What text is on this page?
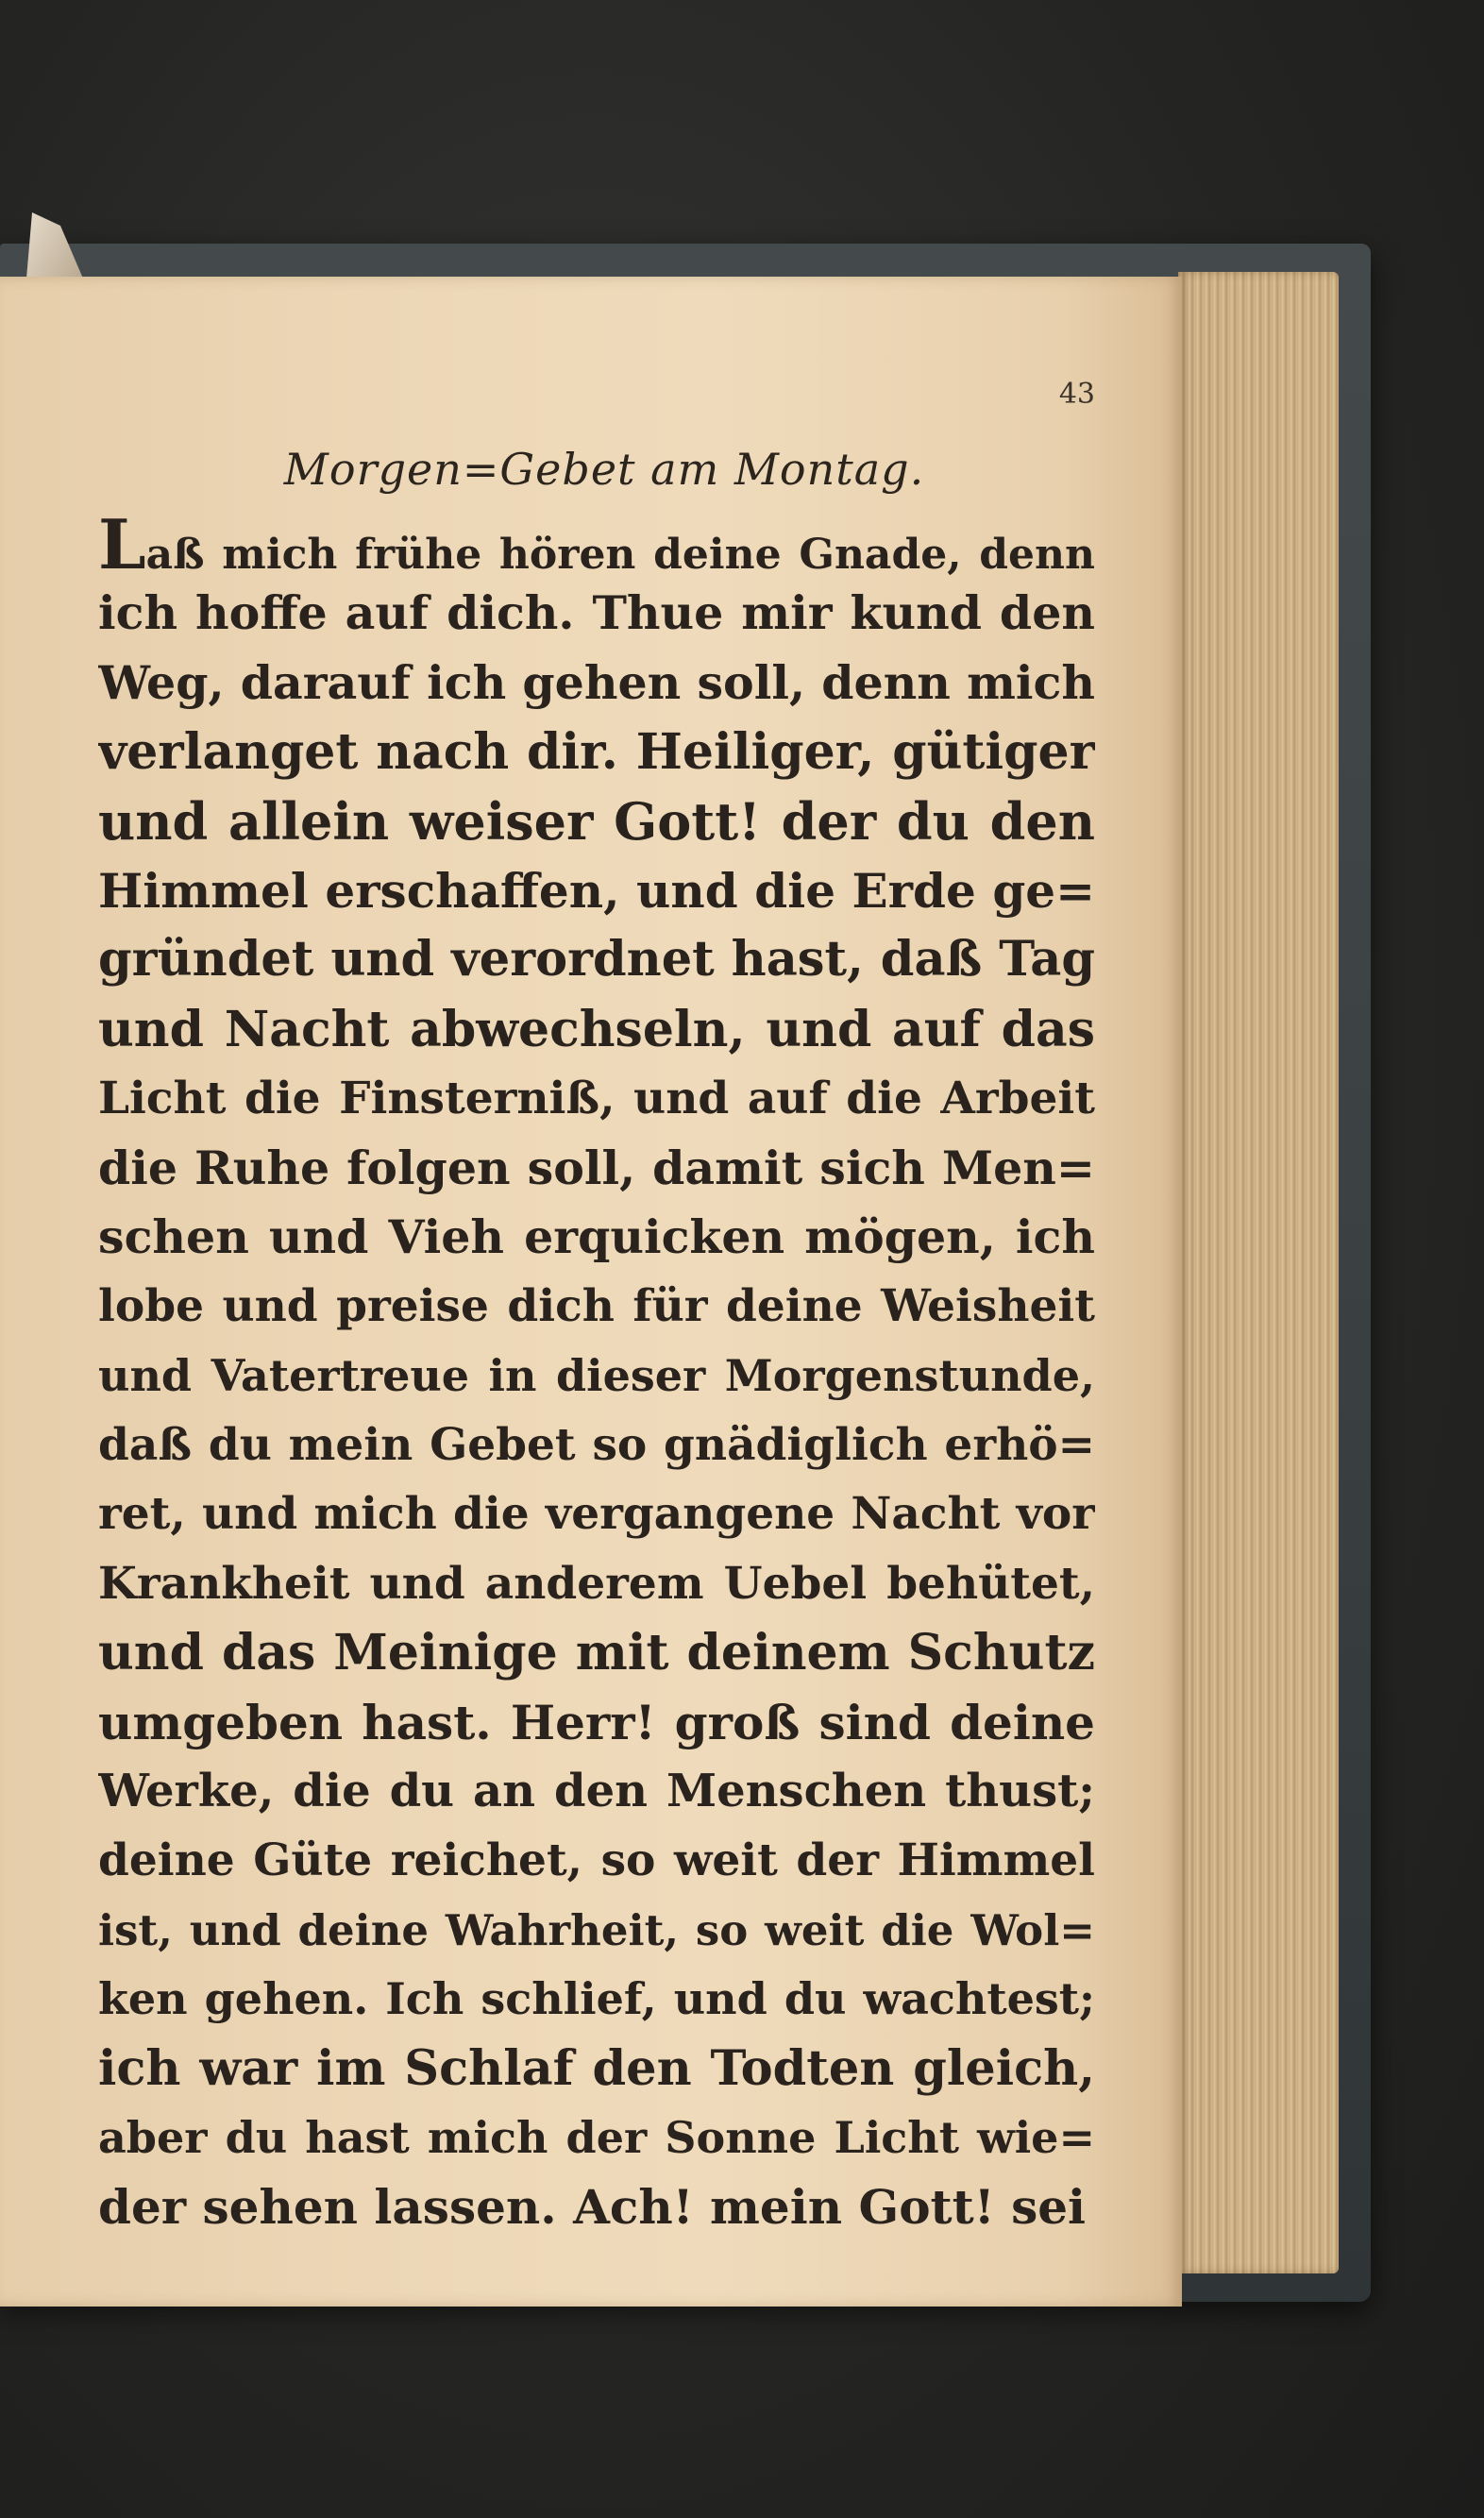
43
Morgen=Gebet am Montag.
Laß mich frühe hören deine Gnade, denn
ich hoffe auf dich. Thue mir kund den
Weg, darauf ich gehen soll, denn mich
verlanget nach dir. Heiliger, gütiger
und allein weiser Gott! der du den
Himmel erschaffen, und die Erde ge=
gründet und verordnet hast, daß Tag
und Nacht abwechseln, und auf das
Licht die Finsterniß, und auf die Arbeit
die Ruhe folgen soll, damit sich Men=
schen und Vieh erquicken mögen, ich
lobe und preise dich für deine Weisheit
und Vatertreue in dieser Morgenstunde,
daß du mein Gebet so gnädiglich erhö=
ret, und mich die vergangene Nacht vor
Krankheit und anderem Uebel behütet,
und das Meinige mit deinem Schutz
umgeben hast. Herr! groß sind deine
Werke, die du an den Menschen thust;
deine Güte reichet, so weit der Himmel
ist, und deine Wahrheit, so weit die Wol=
ken gehen. Ich schlief, und du wachtest;
ich war im Schlaf den Todten gleich,
aber du hast mich der Sonne Licht wie=
der sehen lassen. Ach! mein Gott! sei
